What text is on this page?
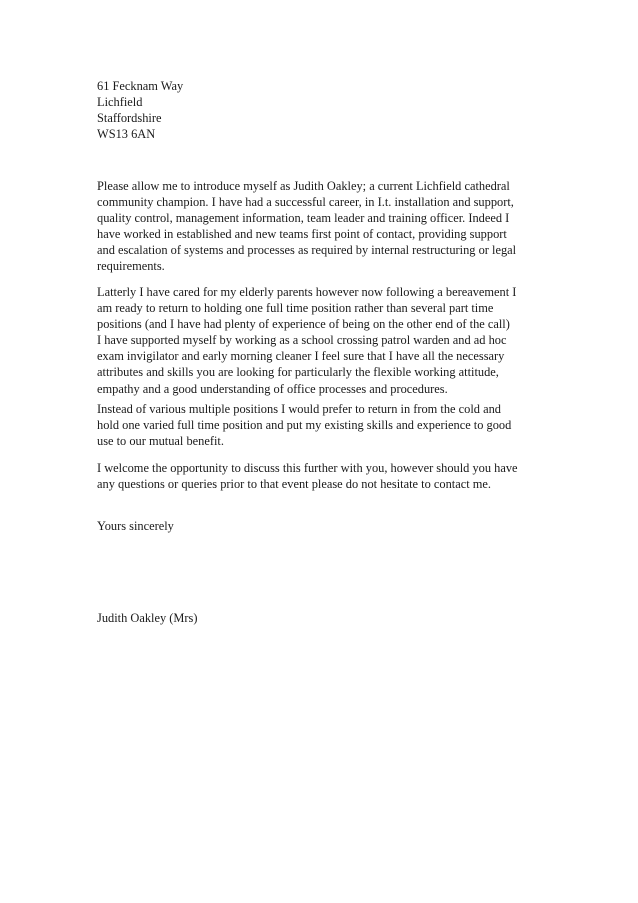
61 Fecknam Way
Lichfield
Staffordshire
WS13 6AN
Please allow me to introduce myself as Judith Oakley; a current Lichfield cathedral
community champion. I have had a successful career, in I.t. installation and support,
quality control, management information, team leader and training officer. Indeed I
have worked in established and new teams first point of contact, providing support
and escalation of systems and processes as required by internal restructuring or legal
requirements.
Latterly I have cared for my elderly parents however now following a bereavement I
am ready to return to holding one full time position rather than several part time
positions (and I have had plenty of experience of being on the other end of the call)
I have supported myself by working as a school crossing patrol warden and ad hoc
exam invigilator and early morning cleaner I feel sure that I have all the necessary
attributes and skills you are looking for particularly the flexible working attitude,
empathy and a good understanding of office processes and procedures.
Instead of various multiple positions I would prefer to return in from the cold and
hold one varied full time position and put my existing skills and experience to good
use to our mutual benefit.
I welcome the opportunity to discuss this further with you, however should you have
any questions or queries prior to that event please do not hesitate to contact me.
Yours sincerely
Judith Oakley (Mrs)
